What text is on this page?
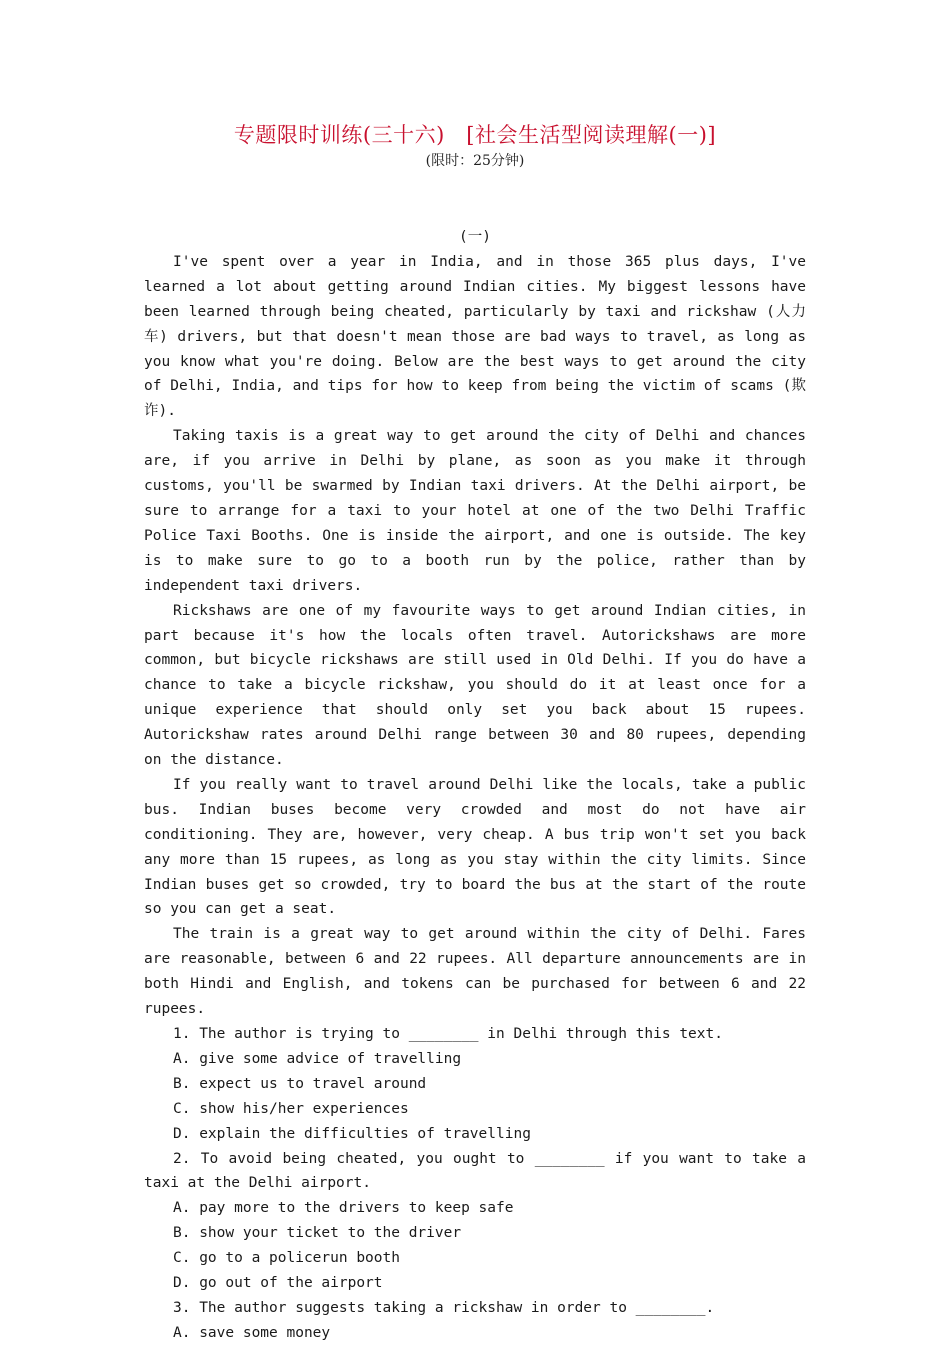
专题限时训练(三十六)　[社会生活型阅读理解(一)]
(限时：25分钟)
(一)

I've spent over a year in India, and in those 365 plus days, I've learned a lot about getting around Indian cities. My biggest lessons have been learned through being cheated, particularly by taxi and rickshaw (人力车) drivers, but that doesn't mean those are bad ways to travel, as long as you know what you're doing. Below are the best ways to get around the city of Delhi, India, and tips for how to keep from being the victim of scams (欺诈).

Taking taxis is a great way to get around the city of Delhi and chances are, if you arrive in Delhi by plane, as soon as you make it through customs, you'll be swarmed by Indian taxi drivers. At the Delhi airport, be sure to arrange for a taxi to your hotel at one of the two Delhi Traffic Police Taxi Booths. One is inside the airport, and one is outside. The key is to make sure to go to a booth run by the police, rather than by independent taxi drivers.

Rickshaws are one of my favourite ways to get around Indian cities, in part because it's how the locals often travel. Autorickshaws are more common, but bicycle rickshaws are still used in Old Delhi. If you do have a chance to take a bicycle rickshaw, you should do it at least once for a unique experience that should only set you back about 15 rupees. Autorickshaw rates around Delhi range between 30 and 80 rupees, depending on the distance.

If you really want to travel around Delhi like the locals, take a public bus. Indian buses become very crowded and most do not have air conditioning. They are, however, very cheap. A bus trip won't set you back any more than 15 rupees, as long as you stay within the city limits. Since Indian buses get so crowded, try to board the bus at the start of the route so you can get a seat.

The train is a great way to get around within the city of Delhi. Fares are reasonable, between 6 and 22 rupees. All departure announcements are in both Hindi and English, and tokens can be purchased for between 6 and 22 rupees.

1. The author is trying to ________ in Delhi through this text.

A. give some advice of travelling

B. expect us to travel around

C. show his/her experiences

D. explain the difficulties of travelling

2. To avoid being cheated, you ought to ________ if you want to take a taxi at the Delhi airport.

A. pay more to the drivers to keep safe

B. show your ticket to the driver

C. go to a policerun booth

D. go out of the airport

3. The author suggests taking a rickshaw in order to ________.

A. save some money
